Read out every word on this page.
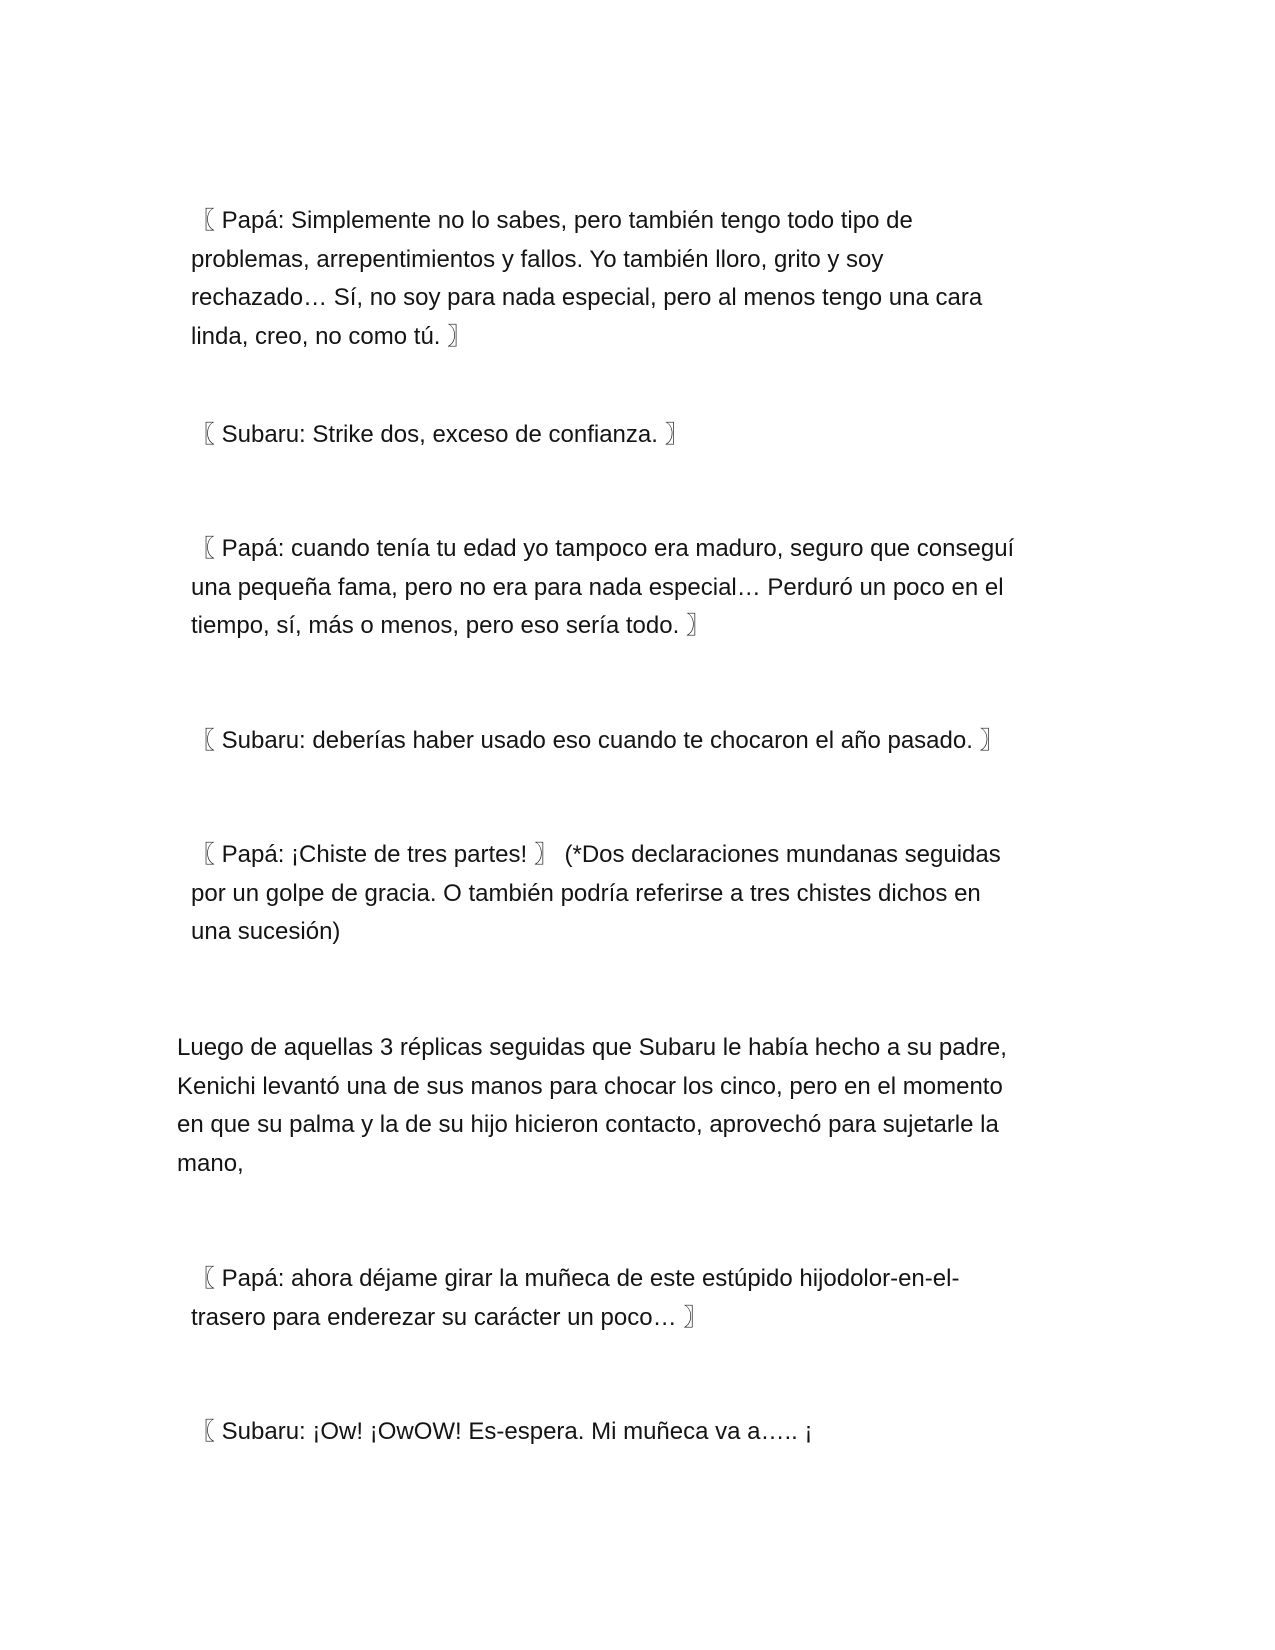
〖 Papá: Simplemente no lo sabes, pero también tengo todo tipo de
problemas, arrepentimientos y fallos. Yo también lloro, grito y soy
rechazado… Sí, no soy para nada especial, pero al menos tengo una cara
linda, creo, no como tú. 〗
〖 Subaru: Strike dos, exceso de confianza. 〗
〖 Papá: cuando tenía tu edad yo tampoco era maduro, seguro que conseguí
una pequeña fama, pero no era para nada especial… Perduró un poco en el
tiempo, sí, más o menos, pero eso sería todo. 〗
〖 Subaru: deberías haber usado eso cuando te chocaron el año pasado. 〗
〖 Papá: ¡Chiste de tres partes! 〗 (*Dos declaraciones mundanas seguidas
por un golpe de gracia. O también podría referirse a tres chistes dichos en
una sucesión)
Luego de aquellas 3 réplicas seguidas que Subaru le había hecho a su padre,
Kenichi levantó una de sus manos para chocar los cinco, pero en el momento
en que su palma y la de su hijo hicieron contacto, aprovechó para sujetarle la
mano,
〖 Papá: ahora déjame girar la muñeca de este estúpido hijodolor-en-el-
trasero para enderezar su carácter un poco… 〗
〖 Subaru: ¡Ow! ¡OwOW! Es-espera. Mi muñeca va a….. ¡
